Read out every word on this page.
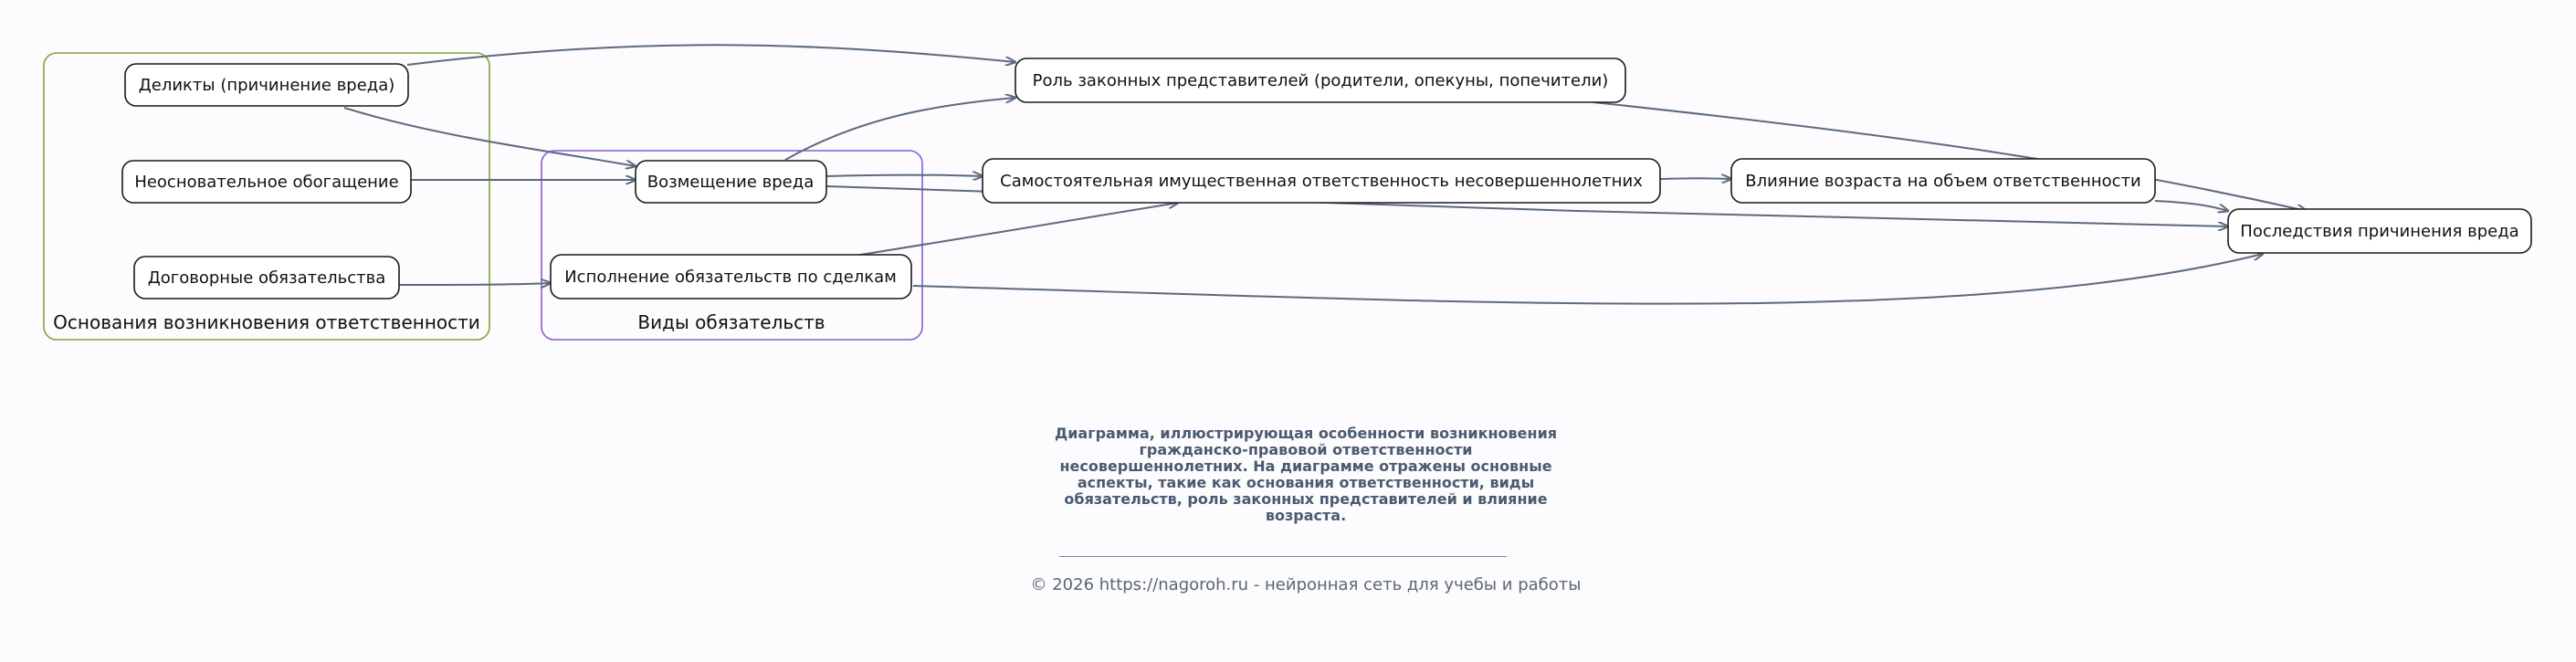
Основания возникновения ответственности	Виды обязательств
Деликты (причинение вреда)
Неосновательное обогащение
Договорные обязательства
Возмещение вреда
Исполнение обязательств по сделкам
Роль законных представителей (родители, опекуны, попечители)
Самостоятельная имущественная ответственность несовершеннолетних	Влияние возраста на объем ответственности
Последствия причинения вреда
Диаграмма, иллюстрирующая особенности возникновения гражданско-правовой ответственности несовершеннолетних. На диаграмме отражены основные аспекты, такие как основания ответственности, виды обязательств, роль законных представителей и влияние возраста.
© 2026 https://nagoroh.ru - нейронная сеть для учебы и работы
